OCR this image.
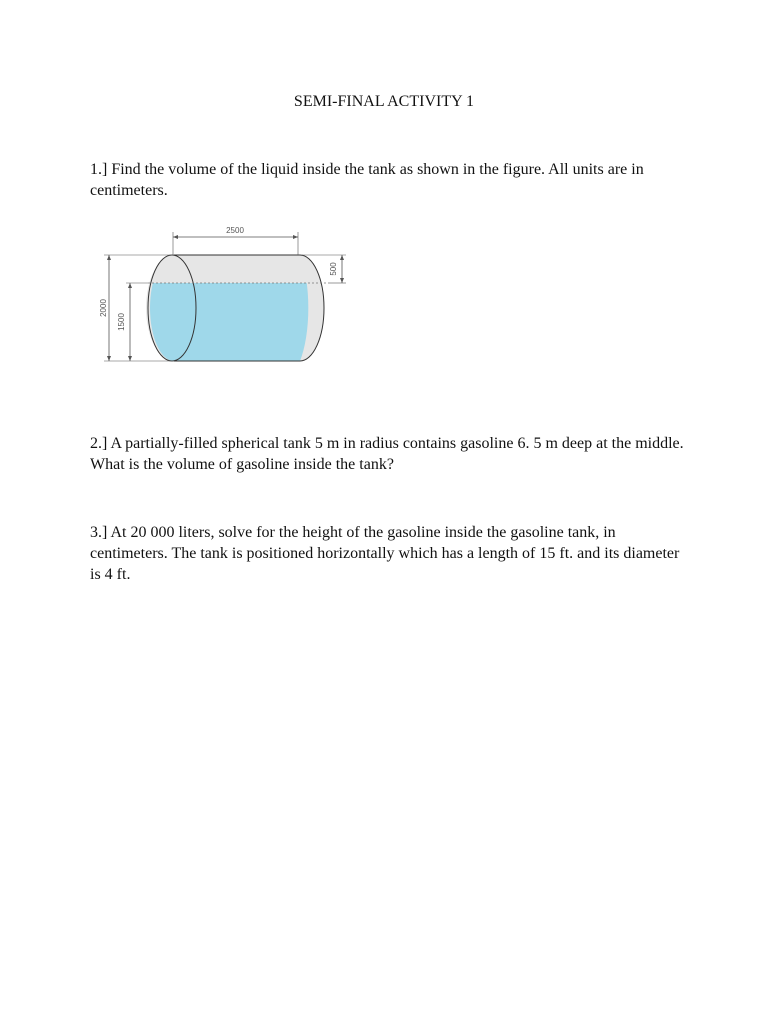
SEMI-FINAL ACTIVITY 1
1.] Find the volume of the liquid inside the tank as shown in the figure. All units are in centimeters.
2500
500
2000
1500
2.] A partially-filled spherical tank 5 m in radius contains gasoline 6. 5 m deep at the middle. What is the volume of gasoline inside the tank?
3.] At 20 000 liters, solve for the height of the gasoline inside the gasoline tank, in centimeters. The tank is positioned horizontally which has a length of 15 ft. and its diameter is 4 ft.
